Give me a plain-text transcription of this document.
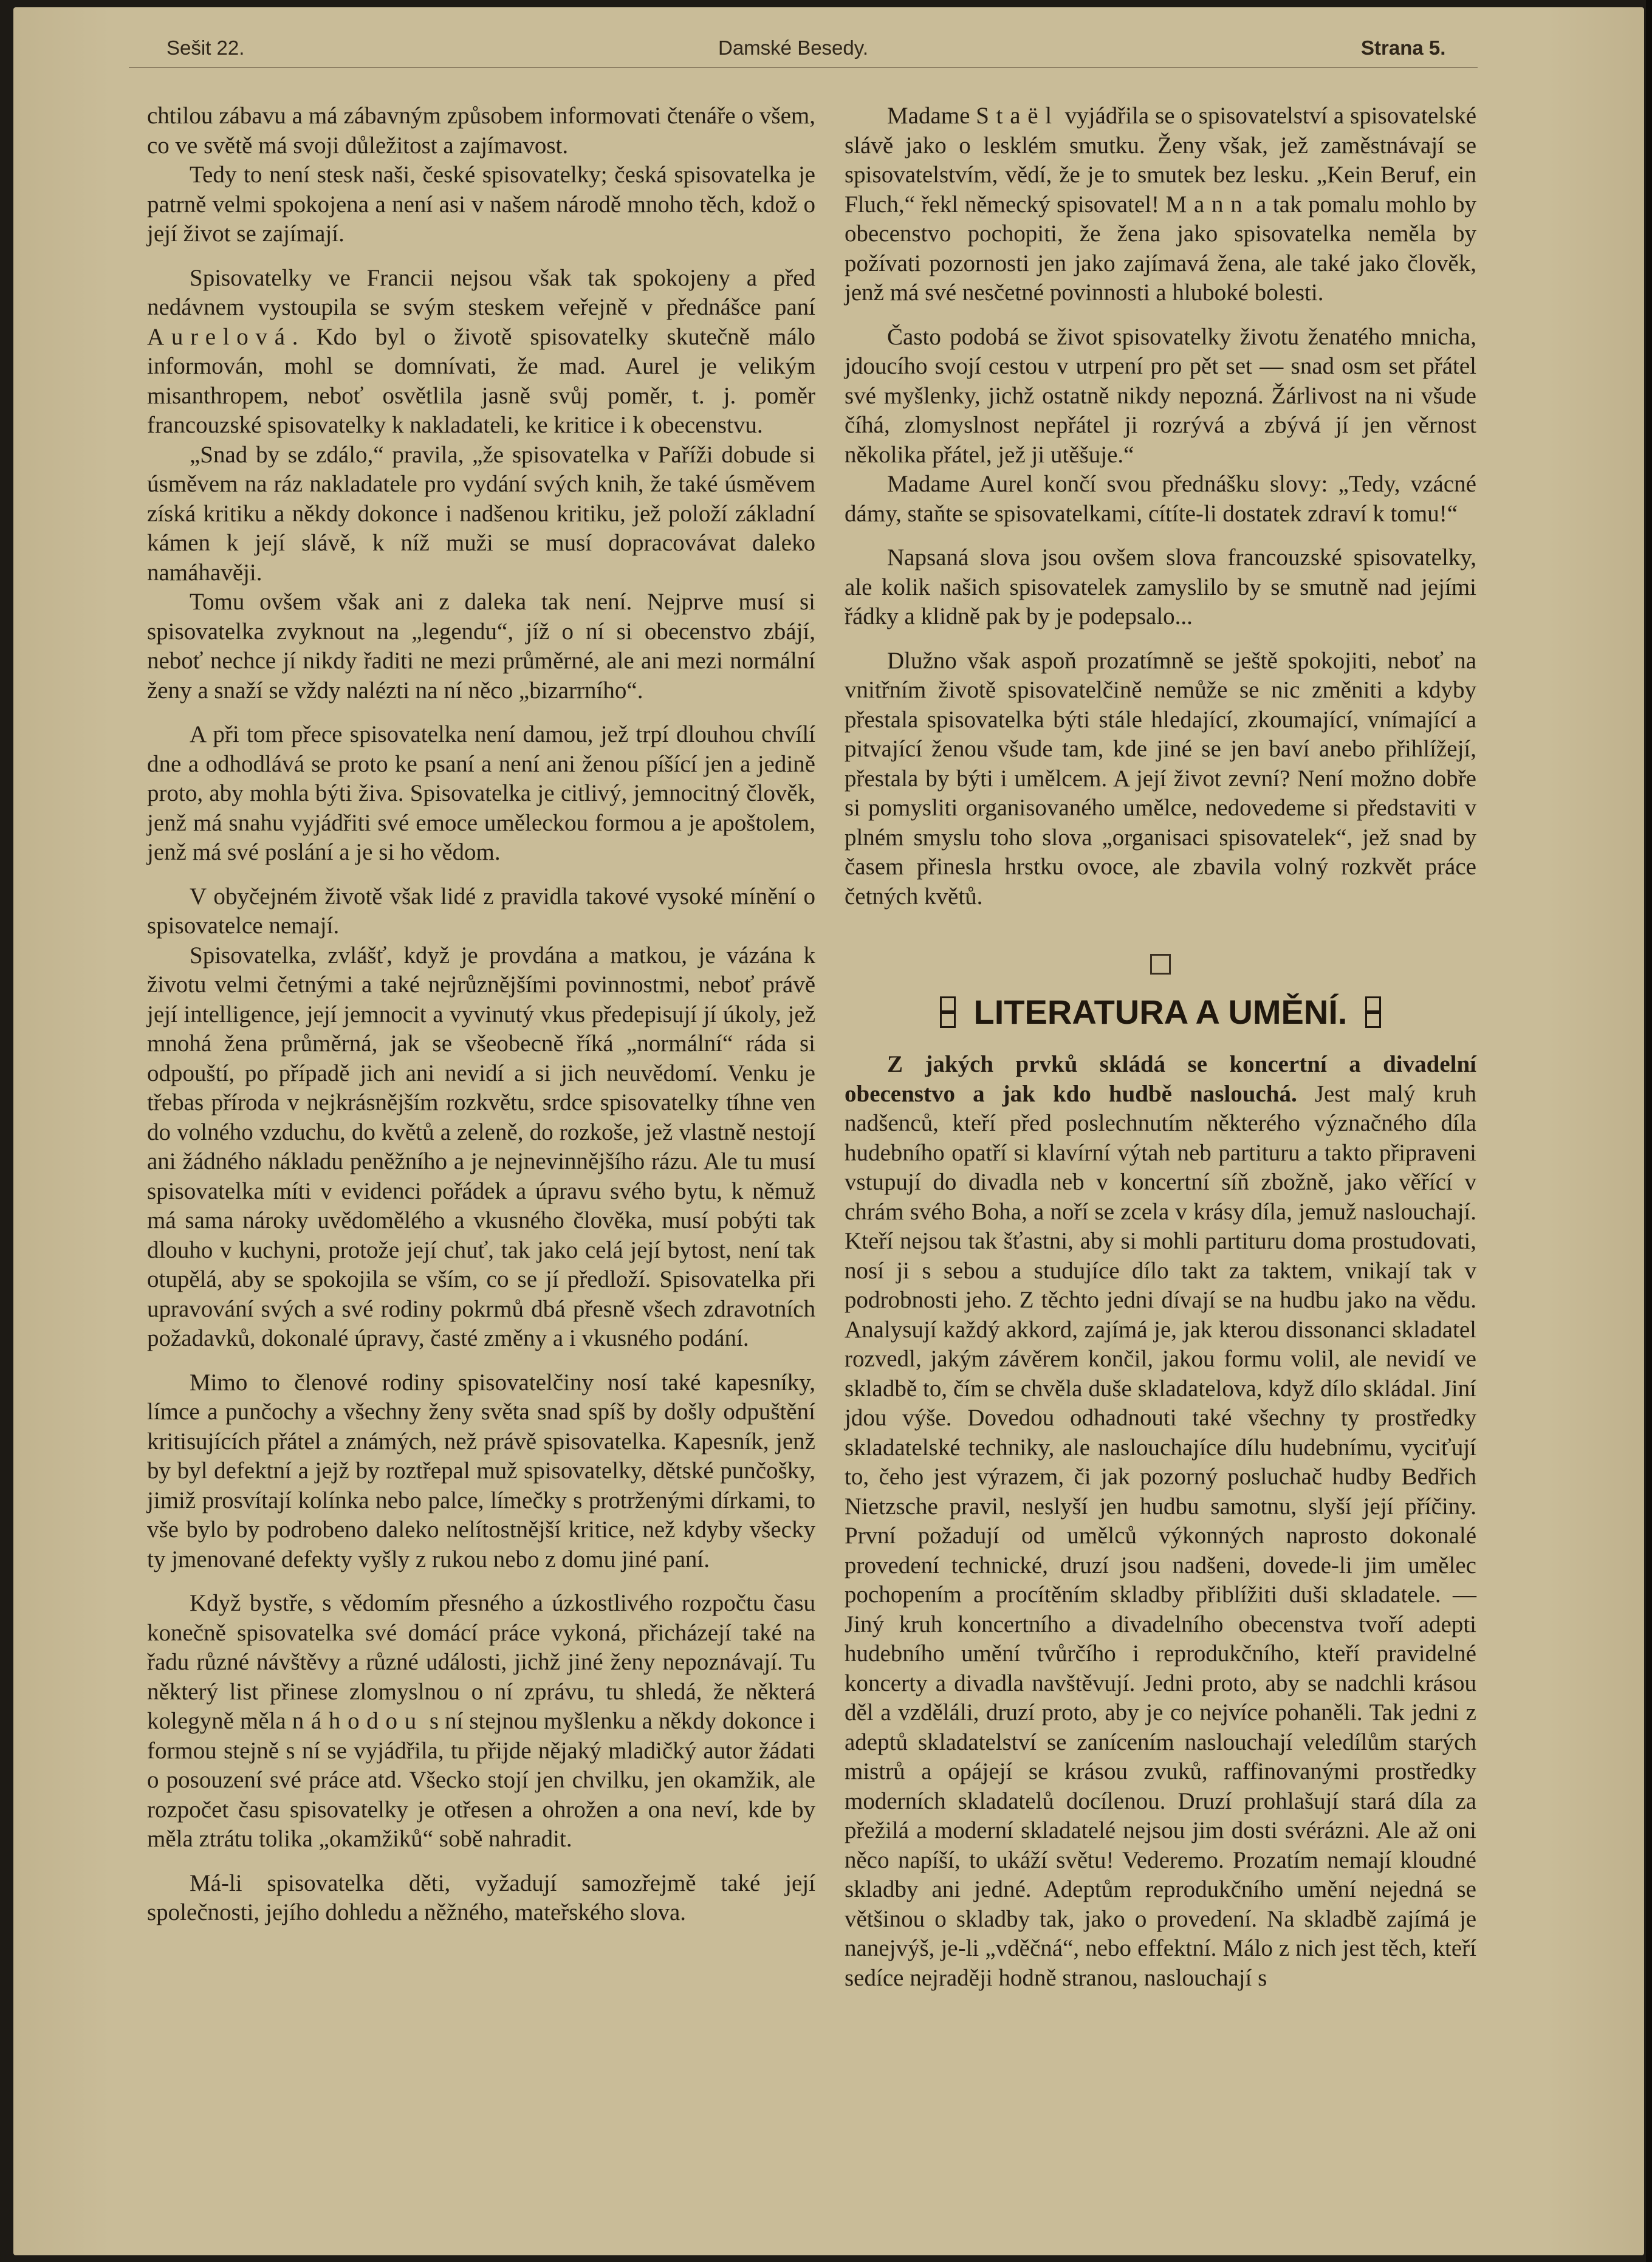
Sešit 22.	Damské Besedy.	Strana 5.

chtilou zábavu a má zábavným způsobem informovati čtenáře o všem, co ve světě má svoji důležitost a zajímavost.

Tedy to není stesk naši, české spisovatelky; česká spisovatelka je patrně velmi spokojena a není asi v našem národě mnoho těch, kdož o její život se zajímají.

Spisovatelky ve Francii nejsou však tak spokojeny a před nedávnem vystoupila se svým steskem veřejně v přednášce paní Aurelová. Kdo byl o životě spisovatelky skutečně málo informován, mohl se domnívati, že mad. Aurel je velikým misanthropem, neboť osvětlila jasně svůj poměr, t. j. poměr francouzské spisovatelky k nakladateli, ke kritice i k obecenstvu.

„Snad by se zdálo,“ pravila, „že spisovatelka v Paříži dobude si úsměvem na ráz nakladatele pro vydání svých knih, že také úsměvem získá kritiku a někdy dokonce i nadšenou kritiku, jež položí základní kámen k její slávě, k níž muži se musí dopracovávat daleko namáhavěji.

Tomu ovšem však ani z daleka tak není. Nejprve musí si spisovatelka zvyknout na „legendu“, jíž o ní si obecenstvo zbájí, neboť nechce jí nikdy řaditi ne mezi průměrné, ale ani mezi normální ženy a snaží se vždy nalézti na ní něco „bizarrního“.

A při tom přece spisovatelka není damou, jež trpí dlouhou chvílí dne a odhodlává se proto ke psaní a není ani ženou píšící jen a jedině proto, aby mohla býti živa. Spisovatelka je citlivý, jemnocitný člověk, jenž má snahu vyjádřiti své emoce uměleckou formou a je apoštolem, jenž má své poslání a je si ho vědom.

V obyčejném životě však lidé z pravidla takové vysoké mínění o spisovatelce nemají.

Spisovatelka, zvlášť, když je provdána a matkou, je vázána k životu velmi četnými a také nejrůznějšími povinnostmi, neboť právě její intelligence, její jemnocit a vyvinutý vkus předepisují jí úkoly, jež mnohá žena průměrná, jak se všeobecně říká „normální“ ráda si odpouští, po případě jich ani nevidí a si jich neuvědomí. Venku je třebas příroda v nejkrásnějším rozkvětu, srdce spisovatelky tíhne ven do volného vzduchu, do květů a zeleně, do rozkoše, jež vlastně nestojí ani žádného nákladu peněžního a je nejnevinnějšího rázu. Ale tu musí spisovatelka míti v evidenci pořádek a úpravu svého bytu, k němuž má sama nároky uvědomělého a vkusného člověka, musí pobýti tak dlouho v kuchyni, protože její chuť, tak jako celá její bytost, není tak otupělá, aby se spokojila se vším, co se jí předloží. Spisovatelka při upravování svých a své rodiny pokrmů dbá přesně všech zdravotních požadavků, dokonalé úpravy, časté změny a i vkusného podání.

Mimo to členové rodiny spisovatelčiny nosí také kapesníky, límce a punčochy a všechny ženy světa snad spíš by došly odpuštění kritisujících přátel a známých, než právě spisovatelka. Kapesník, jenž by byl defektní a jejž by roztřepal muž spisovatelky, dětské punčošky, jimiž prosvítají kolínka nebo palce, límečky s protrženými dírkami, to vše bylo by podrobeno daleko nelítostnější kritice, než kdyby všecky ty jmenované defekty vyšly z rukou nebo z domu jiné paní.

Když bystře, s vědomím přesného a úzkostlivého rozpočtu času konečně spisovatelka své domácí práce vykoná, přicházejí také na řadu různé návštěvy a různé události, jichž jiné ženy nepoznávají. Tu některý list přinese zlomyslnou o ní zprávu, tu shledá, že některá kolegyně měla náhodou s ní stejnou myšlenku a někdy dokonce i formou stejně s ní se vyjádřila, tu přijde nějaký mladičký autor žádati o posouzení své práce atd. Všecko stojí jen chvilku, jen okamžik, ale rozpočet času spisovatelky je otřesen a ohrožen a ona neví, kde by měla ztrátu tolika „okamžiků“ sobě nahradit.

Má-li spisovatelka děti, vyžadují samozřejmě také její společnosti, jejího dohledu a něžného, mateřského slova.

Madame Staël vyjádřila se o spisovatelství a spisovatelské slávě jako o lesklém smutku. Ženy však, jež zaměstnávají se spisovatelstvím, vědí, že je to smutek bez lesku. „Kein Beruf, ein Fluch,“ řekl německý spisovatel! Mann a tak pomalu mohlo by obecenstvo pochopiti, že žena jako spisovatelka neměla by požívati pozornosti jen jako zajímavá žena, ale také jako člověk, jenž má své nesčetné povinnosti a hluboké bolesti.

Často podobá se život spisovatelky životu ženatého mnicha, jdoucího svojí cestou v utrpení pro pět set — snad osm set přátel své myšlenky, jichž ostatně nikdy nepozná. Žárlivost na ni všude číhá, zlomyslnost nepřátel ji rozrývá a zbývá jí jen věrnost několika přátel, jež ji utěšuje.“

Madame Aurel končí svou přednášku slovy: „Tedy, vzácné dámy, staňte se spisovatelkami, cítíte-li dostatek zdraví k tomu!“

Napsaná slova jsou ovšem slova francouzské spisovatelky, ale kolik našich spisovatelek zamyslilo by se smutně nad jejími řádky a klidně pak by je podepsalo...

Dlužno však aspoň prozatímně se ještě spokojiti, neboť na vnitřním životě spisovatelčině nemůže se nic změniti a kdyby přestala spisovatelka býti stále hledající, zkoumající, vnímající a pitvající ženou všude tam, kde jiné se jen baví anebo přihlížejí, přestala by býti i umělcem. A její život zevní? Není možno dobře si pomysliti organisovaného umělce, nedovedeme si představiti v plném smyslu toho slova „organisaci spisovatelek“, jež snad by časem přinesla hrstku ovoce, ale zbavila volný rozkvět práce četných květů.

LITERATURA A UMĚNÍ.

Z jakých prvků skládá se koncertní a divadelní obecenstvo a jak kdo hudbě naslouchá. Jest malý kruh nadšenců, kteří před poslechnutím některého význačného díla hudebního opatří si klavírní výtah neb partituru a takto připraveni vstupují do divadla neb v koncertní síň zbožně, jako věřící v chrám svého Boha, a noří se zcela v krásy díla, jemuž naslouchají. Kteří nejsou tak šťastni, aby si mohli partituru doma prostudovati, nosí ji s sebou a studujíce dílo takt za taktem, vnikají tak v podrobnosti jeho. Z těchto jedni dívají se na hudbu jako na vědu. Analysují každý akkord, zajímá je, jak kterou dissonanci skladatel rozvedl, jakým závěrem končil, jakou formu volil, ale nevidí ve skladbě to, čím se chvěla duše skladatelova, když dílo skládal. Jiní jdou výše. Dovedou odhadnouti také všechny ty prostředky skladatelské techniky, ale naslouchajíce dílu hudebnímu, vyciťují to, čeho jest výrazem, či jak pozorný posluchač hudby Bedřich Nietzsche pravil, neslyší jen hudbu samotnu, slyší její příčiny. První požadují od umělců výkonných naprosto dokonalé provedení technické, druzí jsou nadšeni, dovede-li jim umělec pochopením a procítěním skladby přiblížiti duši skladatele. — Jiný kruh koncertního a divadelního obecenstva tvoří adepti hudebního umění tvůrčího i reprodukčního, kteří pravidelné koncerty a divadla navštěvují. Jedni proto, aby se nadchli krásou děl a vzděláli, druzí proto, aby je co nejvíce pohaněli. Tak jedni z adeptů skladatelství se zanícením naslouchají veledílům starých mistrů a opájejí se krásou zvuků, raffinovanými prostředky moderních skladatelů docílenou. Druzí prohlašují stará díla za přežilá a moderní skladatelé nejsou jim dosti svérázni. Ale až oni něco napíší, to ukáží světu! Vederemo. Prozatím nemají kloudné skladby ani jedné. Adeptům reprodukčního umění nejedná se většinou o skladby tak, jako o provedení. Na skladbě zajímá je nanejvýš, je-li „vděčná“, nebo effektní. Málo z nich jest těch, kteří sedíce nejraději hodně stranou, naslouchají s
